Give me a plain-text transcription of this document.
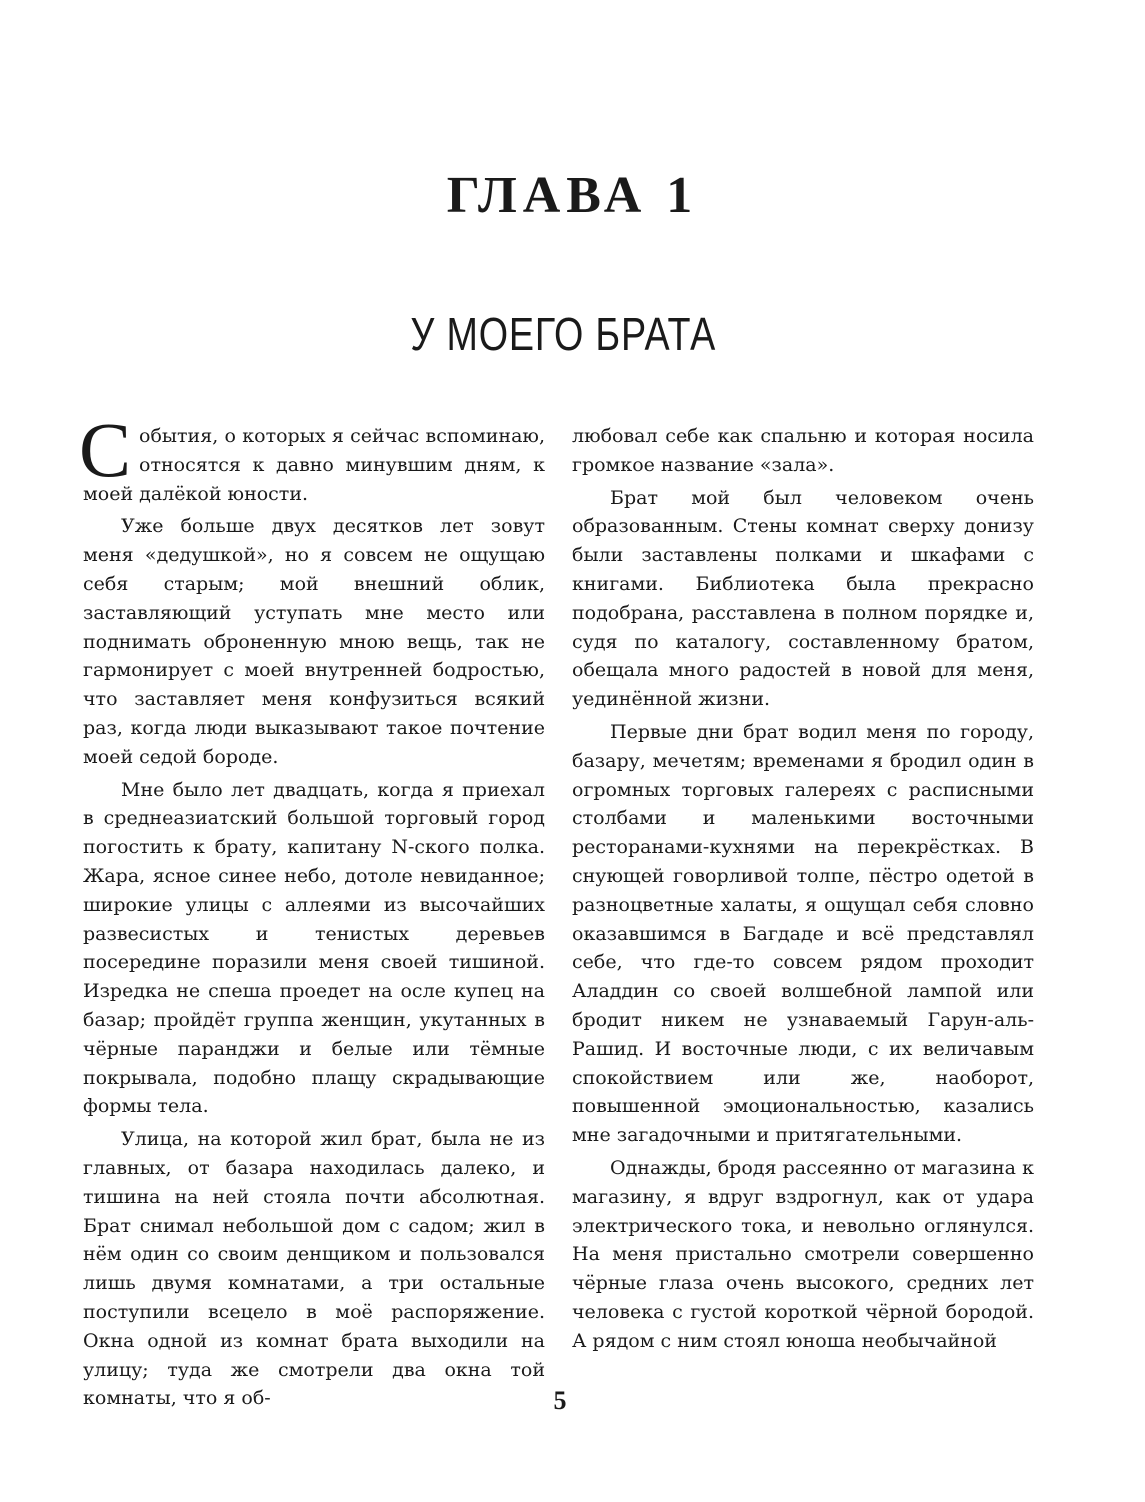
ГЛАВА 1
У МОЕГО БРАТА

События, о которых я сейчас вспоминаю, относятся к давно минувшим дням, к моей далёкой юности.

Уже больше двух десятков лет зовут меня «дедушкой», но я совсем не ощущаю себя старым; мой внешний облик, заставляющий уступать мне место или поднимать оброненную мною вещь, так не гармонирует с моей внутренней бодростью, что заставляет меня конфузиться всякий раз, когда люди выказывают такое почтение моей седой бороде.

Мне было лет двадцать, когда я приехал в среднеазиатский большой торговый город погостить к брату, капитану N-ского полка. Жара, ясное синее небо, дотоле невиданное; широкие улицы с аллеями из высочайших развесистых и тенистых деревьев посередине поразили меня своей тишиной. Изредка не спеша проедет на осле купец на базар; пройдёт группа женщин, укутанных в чёрные паранджи и белые или тёмные покрывала, подобно плащу скрадывающие формы тела.

Улица, на которой жил брат, была не из главных, от базара находилась далеко, и тишина на ней стояла почти абсолютная. Брат снимал небольшой дом с садом; жил в нём один со своим денщиком и пользовался лишь двумя комнатами, а три остальные поступили всецело в моё распоряжение. Окна одной из комнат брата выходили на улицу; туда же смотрели два окна той комнаты, что я об-

любовал себе как спальню и которая носила громкое название «зала».

Брат мой был человеком очень образованным. Стены комнат сверху донизу были заставлены полками и шкафами с книгами. Библиотека была прекрасно подобрана, расставлена в полном порядке и, судя по каталогу, составленному братом, обещала много радостей в новой для меня, уединённой жизни.

Первые дни брат водил меня по городу, базару, мечетям; временами я бродил один в огромных торговых галереях с расписными столбами и маленькими восточными ресторанами-кухнями на перекрёстках. В снующей говорливой толпе, пёстро одетой в разноцветные халаты, я ощущал себя словно оказавшимся в Багдаде и всё представлял себе, что где-то совсем рядом проходит Аладдин со своей волшебной лампой или бродит никем не узнаваемый Гарун-аль-Рашид. И восточные люди, с их величавым спокойствием или же, наоборот, повышенной эмоциональностью, казались мне загадочными и притягательными.

Однажды, бродя рассеянно от магазина к магазину, я вдруг вздрогнул, как от удара электрического тока, и невольно оглянулся. На меня пристально смотрели совершенно чёрные глаза очень высокого, средних лет человека с густой короткой чёрной бородой. А рядом с ним стоял юноша необычайной

5
